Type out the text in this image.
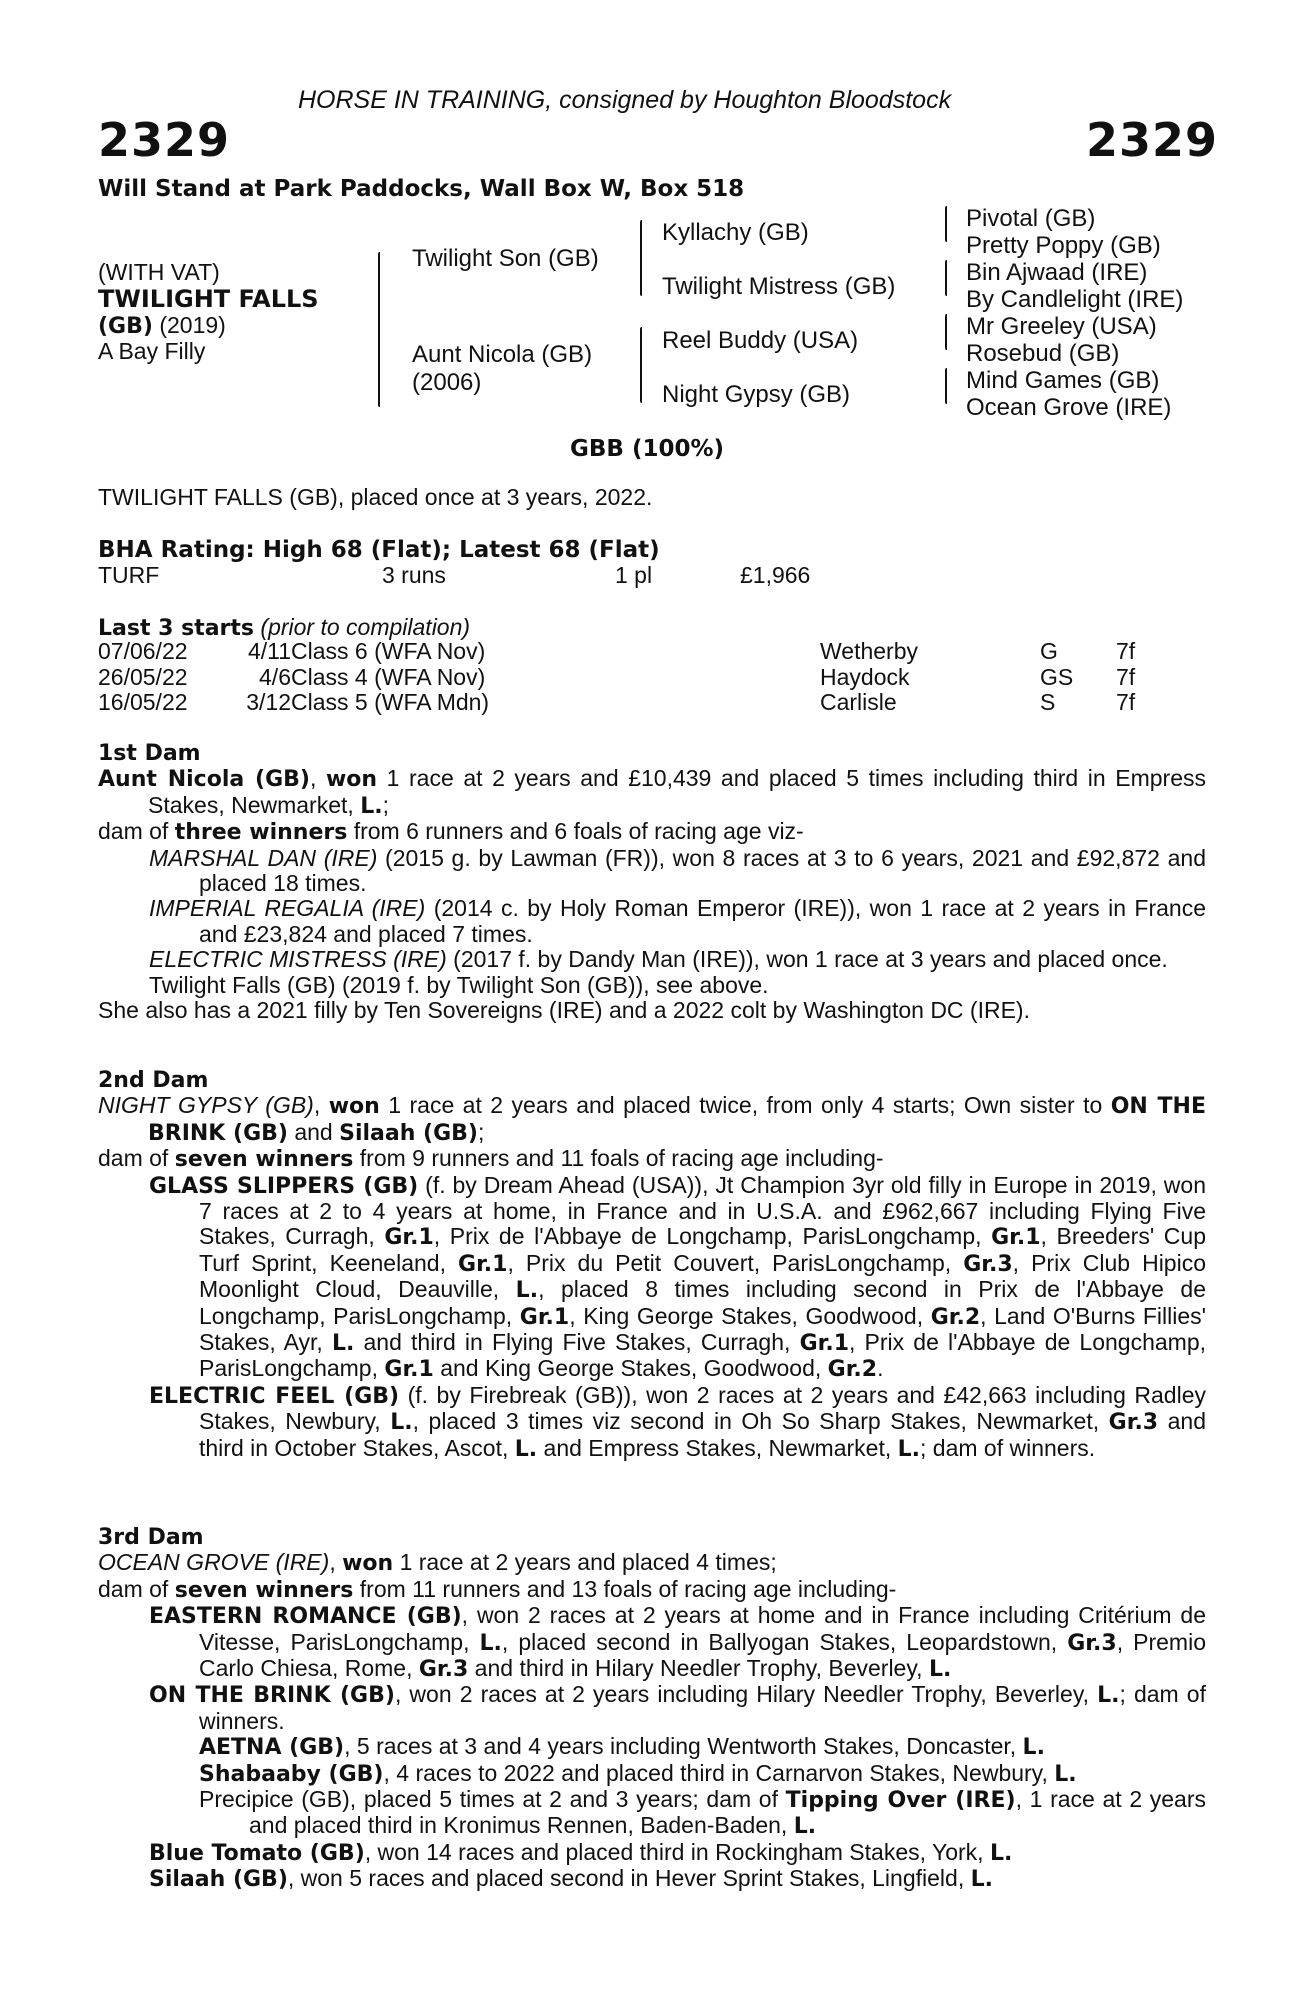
HORSE IN TRAINING, consigned by Houghton Bloodstock
2329	2329
Will Stand at Park Paddocks, Wall Box W, Box 518
(WITH VAT)
TWILIGHT FALLS
(GB) (2019)
A Bay Filly
Twilight Son (GB)
Aunt Nicola (GB)
(2006)
Kyllachy (GB)
Twilight Mistress (GB)
Reel Buddy (USA)
Night Gypsy (GB)
Pivotal (GB)
Pretty Poppy (GB)
Bin Ajwaad (IRE)
By Candlelight (IRE)
Mr Greeley (USA)
Rosebud (GB)
Mind Games (GB)
Ocean Grove (IRE)
GBB (100%)
TWILIGHT FALLS (GB), placed once at 3 years, 2022.
BHA Rating: High 68 (Flat); Latest 68 (Flat)
TURF	3 runs	1 pl	£1,966
Last 3 starts (prior to compilation)
07/06/22	4/11 Class 6 (WFA Nov)	Wetherby	G	7f
26/05/22	4/6 Class 4 (WFA Nov)	Haydock	GS 7f
16/05/22	3/12 Class 5 (WFA Mdn)	Carlisle	S	7f

1st Dam

Aunt Nicola (GB), won 1 race at 2 years and £10,439 and placed 5 times including third in Empress Stakes, Newmarket, L.;

dam of three winners from 6 runners and 6 foals of racing age viz-

MARSHAL DAN (IRE) (2015 g. by Lawman (FR)), won 8 races at 3 to 6 years, 2021 and £92,872 and placed 18 times.

IMPERIAL REGALIA (IRE) (2014 c. by Holy Roman Emperor (IRE)), won 1 race at 2 years in France and £23,824 and placed 7 times.

ELECTRIC MISTRESS (IRE) (2017 f. by Dandy Man (IRE)), won 1 race at 3 years and placed once.

Twilight Falls (GB) (2019 f. by Twilight Son (GB)), see above.

She also has a 2021 filly by Ten Sovereigns (IRE) and a 2022 colt by Washington DC (IRE).

2nd Dam

NIGHT GYPSY (GB), won 1 race at 2 years and placed twice, from only 4 starts; Own sister to ON THE BRINK (GB) and Silaah (GB);

dam of seven winners from 9 runners and 11 foals of racing age including-

GLASS SLIPPERS (GB) (f. by Dream Ahead (USA)), Jt Champion 3yr old filly in Europe in 2019, won 7 races at 2 to 4 years at home, in France and in U.S.A. and £962,667 including Flying Five Stakes, Curragh, Gr.1, Prix de l'Abbaye de Longchamp, ParisLongchamp, Gr.1, Breeders' Cup Turf Sprint, Keeneland, Gr.1, Prix du Petit Couvert, ParisLongchamp, Gr.3, Prix Club Hipico Moonlight Cloud, Deauville, L., placed 8 times including second in Prix de l'Abbaye de Longchamp, ParisLongchamp, Gr.1, King George Stakes, Goodwood, Gr.2, Land O'Burns Fillies' Stakes, Ayr, L. and third in Flying Five Stakes, Curragh, Gr.1, Prix de l'Abbaye de Longchamp, ParisLongchamp, Gr.1 and King George Stakes, Goodwood, Gr.2.

ELECTRIC FEEL (GB) (f. by Firebreak (GB)), won 2 races at 2 years and £42,663 including Radley Stakes, Newbury, L., placed 3 times viz second in Oh So Sharp Stakes, Newmarket, Gr.3 and third in October Stakes, Ascot, L. and Empress Stakes, Newmarket, L.; dam of winners.

3rd Dam

OCEAN GROVE (IRE), won 1 race at 2 years and placed 4 times;

dam of seven winners from 11 runners and 13 foals of racing age including-

EASTERN ROMANCE (GB), won 2 races at 2 years at home and in France including Critérium de Vitesse, ParisLongchamp, L., placed second in Ballyogan Stakes, Leopardstown, Gr.3, Premio Carlo Chiesa, Rome, Gr.3 and third in Hilary Needler Trophy, Beverley, L.

ON THE BRINK (GB), won 2 races at 2 years including Hilary Needler Trophy, Beverley, L.; dam of winners.

AETNA (GB), 5 races at 3 and 4 years including Wentworth Stakes, Doncaster, L.

Shabaaby (GB), 4 races to 2022 and placed third in Carnarvon Stakes, Newbury, L.

Precipice (GB), placed 5 times at 2 and 3 years; dam of Tipping Over (IRE), 1 race at 2 years and placed third in Kronimus Rennen, Baden-Baden, L.

Blue Tomato (GB), won 14 races and placed third in Rockingham Stakes, York, L.

Silaah (GB), won 5 races and placed second in Hever Sprint Stakes, Lingfield, L.
